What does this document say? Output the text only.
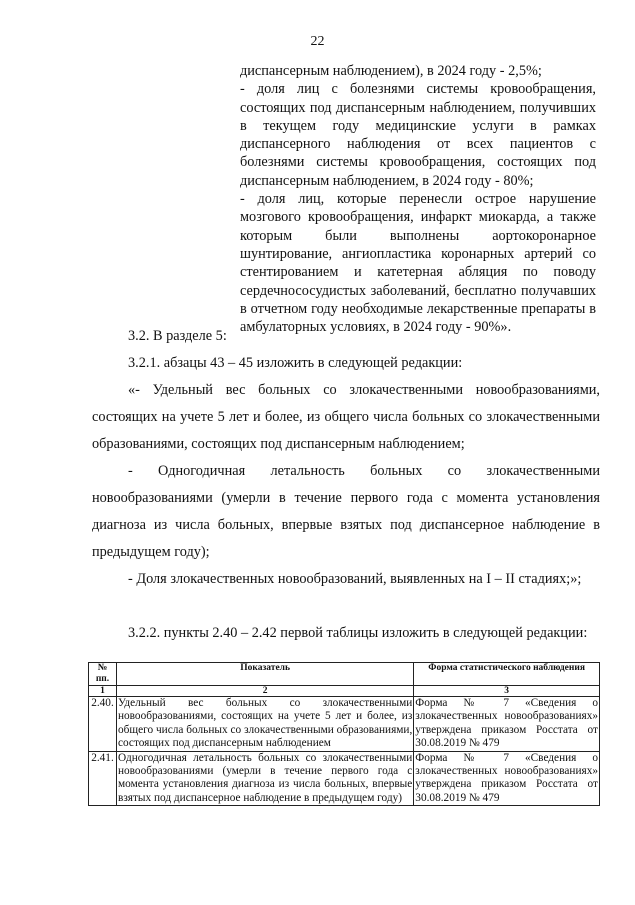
22

диспансерным наблюдением), в 2024 году - 2,5%;

- доля лиц с болезнями системы кровообращения, состоящих под диспансерным наблюдением, получивших в текущем году медицинские услуги в рамках диспансерного наблюдения от всех пациентов с болезнями системы кровообращения, состоящих под диспансерным наблюдением, в 2024 году - 80%;

- доля лиц, которые перенесли острое нарушение мозгового кровообращения, инфаркт миокарда, а также которым были выполнены аортокоронарное шунтирование, ангиопластика коронарных артерий со стентированием и катетерная абляция по поводу сердечнососудистых заболеваний, бесплатно получавших в отчетном году необходимые лекарственные препараты в амбулаторных условиях, в 2024 году - 90%».

3.2. В разделе 5:

3.2.1. абзацы 43 – 45 изложить в следующей редакции:

«- Удельный вес больных со злокачественными новообразованиями, состоящих на учете 5 лет и более, из общего числа больных со злокачественными образованиями, состоящих под диспансерным наблюдением;

- Одногодичная летальность больных со злокачественными новообразованиями (умерли в течение первого года с момента установления диагноза из числа больных, впервые взятых под диспансерное наблюдение в предыдущем году);

- Доля злокачественных новообразований, выявленных на I – II стадиях;»;

3.2.2. пункты 2.40 – 2.42 первой таблицы изложить в следующей редакции:

№ пп.	Показатель	Форма статистического наблюдения
1	2	3
2.40.	Удельный вес больных со злокачественными новообразованиями, состоящих на учете 5 лет и более, из общего числа больных со злокачественными образованиями, состоящих под диспансерным наблюдением	Форма № 7 «Сведения о злокачественных новообразованиях» утверждена приказом Росстата от 30.08.2019 № 479
2.41.	Одногодичная летальность больных со злокачественными новообразованиями (умерли в течение первого года с момента установления диагноза из числа больных, впервые взятых под диспансерное наблюдение в предыдущем году)	Форма № 7 «Сведения о злокачественных новообразованиях» утверждена приказом Росстата от 30.08.2019 № 479
